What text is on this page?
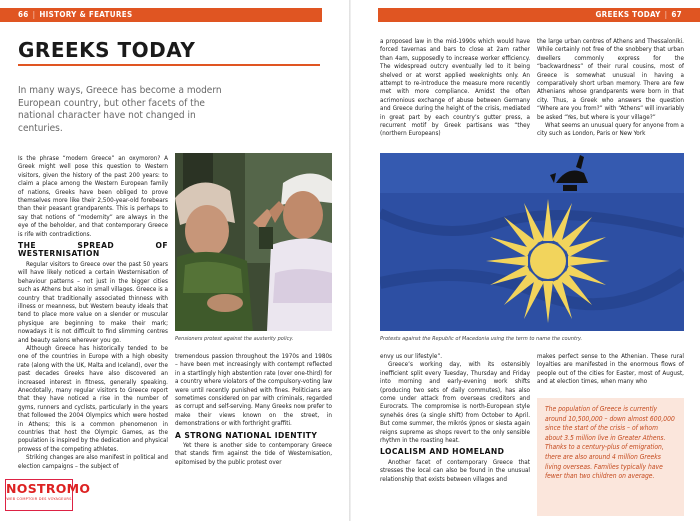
66 | HISTORY & FEATURES	GREEKS TODAY | 67
GREEKS TODAY
In many ways, Greece has become a modern European country, but other facets of the national character have not changed in centuries.

Is the phrase “modern Greece” an oxymoron? A Greek might well pose this question to Western visitors, given the history of the past 200 years: to claim a place among the Western European family of nations, Greeks have been obliged to prove themselves more like their 2,500-year-old forebears than their peasant grandparents. This is perhaps to say that notions of “modernity” are always in the eye of the beholder, and that contemporary Greece is rife with contradictions.

THE SPREAD OF WESTERNISATION

Regular visitors to Greece over the past 50 years will have likely noticed a certain Westernisation of behaviour patterns – not just in the bigger cities such as Athens but also in small villages. Greece is a country that traditionally associated thinness with illness or meanness, but Western beauty ideals that tend to place more value on a slender or muscular physique are beginning to make their mark; nowadays it is not difficult to find slimming centres and beauty salons wherever you go.

Although Greece has historically tended to be one of the countries in Europe with a high obesity rate (along with the UK, Malta and Iceland), over the past decades Greeks have also discovered an increased interest in fitness, generally speaking. Anecdotally, many regular visitors to Greece report that they have noticed a rise in the number of gyms, runners and cyclists, particularly in the years that followed the 2004 Olympics which were hosted in Athens; this is a common phenomenon in countries that host the Olympic Games, as the population is inspired by the dedication and physical prowess of the competing athletes.

Striking changes are also manifest in political and election campaigns – the subject of

tremendous passion throughout the 1970s and 1980s – have been met increasingly with contempt reflected in a startlingly high abstention rate (over one-third) for a country where violators of the compulsory-voting law were until recently punished with fines. Politicians are sometimes considered on par with criminals, regarded as corrupt and self-serving. Many Greeks now prefer to make their views known on the street, in demonstrations or with forthright graffiti.

A STRONG NATIONAL IDENTITY

Yet there is another side to contemporary Greece that stands firm against the tide of Westernisation, epitomised by the public protest over

a proposed law in the mid-1990s which would have forced tavernas and bars to close at 2am rather than 4am, supposedly to increase worker efficiency. The widespread outcry eventually led to it being shelved or at worst applied weeknights only. An attempt to re-introduce the measure more recently met with more compliance. Amidst the often acrimonious exchange of abuse between Germany and Greece during the height of the crisis, mediated in great part by each country’s gutter press, a recurrent motif by Greek partisans was “they (northern Europeans)

the large urban centres of Athens and Thessaloníki. While certainly not free of the snobbery that urban dwellers commonly express for the “backwardness” of their rural cousins, most of Greece is somewhat unusual in having a comparatively short urban memory. There are few Athenians whose grandparents were born in that city. Thus, a Greek who answers the question “Where are you from?” with “Athens” will invariably be asked “Yes, but where is your village?”

What seems an unusual query for anyone from a city such as London, Paris or New York

envy us our lifestyle”.

Greece’s working day, with its ostensibly inefficient split every Tuesday, Thursday and Friday into morning and early-evening work shifts (producing two sets of daily commutes), has also come under attack from overseas creditors and Eurocrats. The compromise is north-European style synehés óres (a single shift) from October to April. But come summer, the mikrós ýpnos or siesta again reigns supreme as shops revert to the only sensible rhythm in the roasting heat.

LOCALISM AND HOMELAND

Another facet of contemporary Greece that stresses the local can also be found in the unusual relationship that exists between villages and

makes perfect sense to the Athenian. These rural loyalties are manifested in the enormous flows of people out of the cities for Easter, most of August, and at election times, when many who

Pensioners protest against the austerity policy.	Protests against the Republic of Macedonia using the term to name the country.
The population of Greece is currently around 10,500,000 – down almost 600,000 since the start of the crisis – of whom about 3.5 million live in Greater Athens. Thanks to a century-plus of emigration, there are also around 4 million Greeks living overseas. Families typically have fewer than two children on average.
NOSTROMO
WEB COMPTOIR DES VOYAGEURS
